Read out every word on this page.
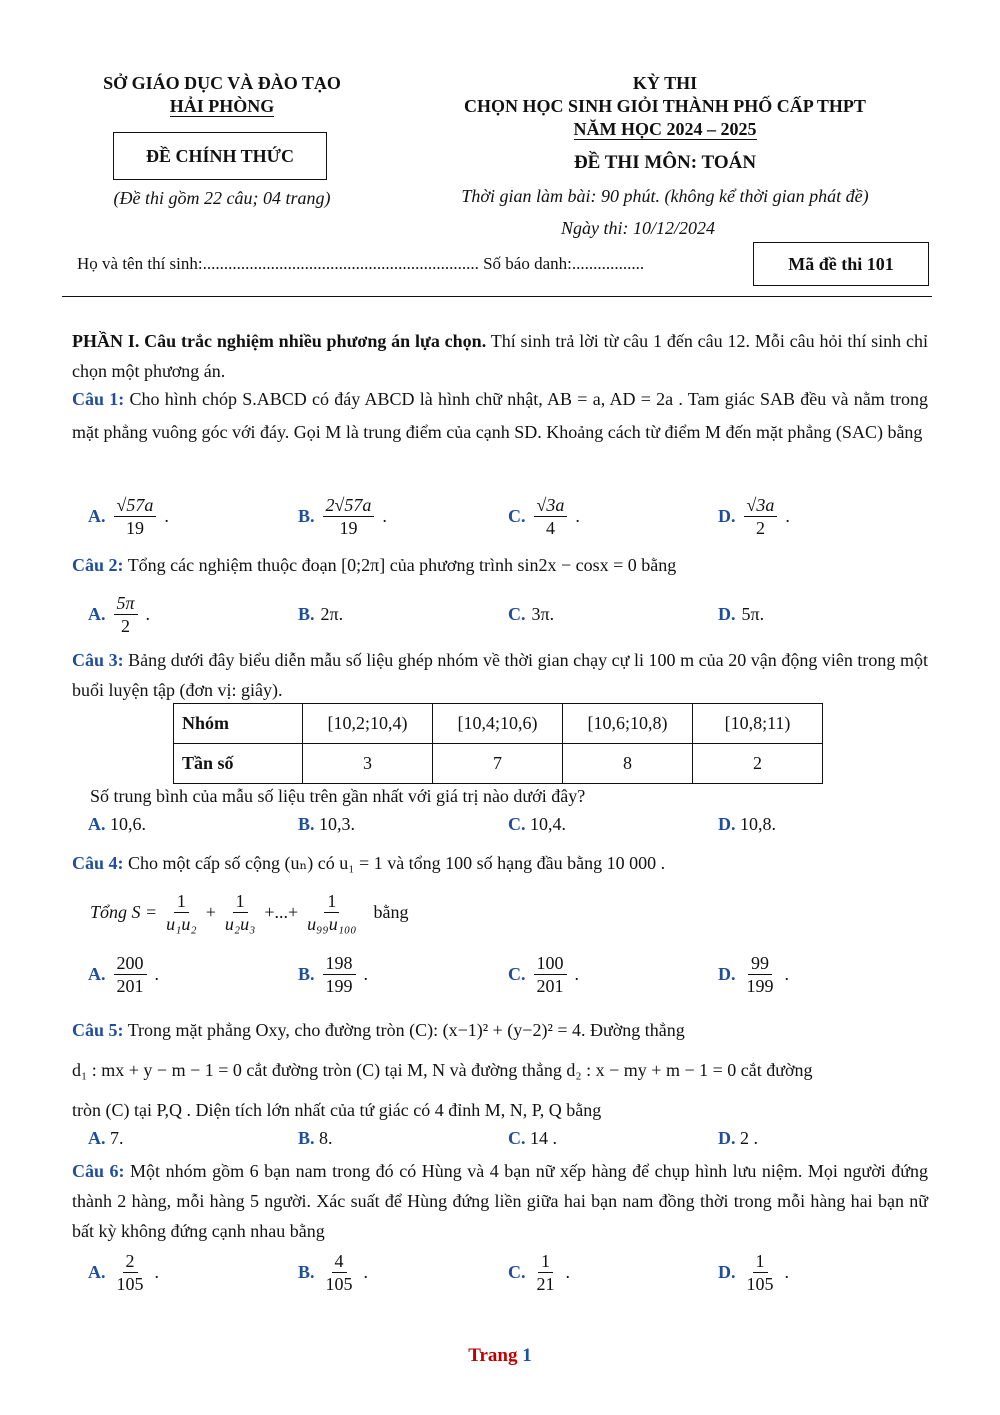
SỞ GIÁO DỤC VÀ ĐÀO TẠO
HẢI PHÒNG
ĐỀ CHÍNH THỨC
(Đề thi gồm 22 câu; 04 trang)
KỲ THI
CHỌN HỌC SINH GIỎI THÀNH PHỐ CẤP THPT
NĂM HỌC 2024 – 2025
ĐỀ THI MÔN: TOÁN
Thời gian làm bài: 90 phút. (không kể thời gian phát đề)
Ngày thi: 10/12/2024
Họ và tên thí sinh:................................................................. Số báo danh:.................	Mã đề thi 101
PHẦN I. Câu trắc nghiệm nhiều phương án lựa chọn. Thí sinh trả lời từ câu 1 đến câu 12. Mỗi câu hỏi thí sinh chỉ chọn một phương án.
Câu 1: Cho hình chóp S.ABCD có đáy ABCD là hình chữ nhật, AB = a, AD = 2a . Tam giác SAB đều và nằm trong mặt phẳng vuông góc với đáy. Gọi M là trung điểm của cạnh SD. Khoảng cách từ điểm M đến mặt phẳng (SAC) bằng
A. $\frac{√57a}{19}$ .	B. $\frac{2√57a}{19}$ .	C. $\frac{√3a}{4}$ .	D. $\frac{√3a}{2}$ .
Câu 2: Tổng các nghiệm thuộc đoạn [0;2π] của phương trình sin2x − cosx = 0 bằng
A. $\frac{5\pi}{2}$ .	B. 2π.	C. 3π.	D. 5π.
Câu 3: Bảng dưới đây biểu diễn mẫu số liệu ghép nhóm về thời gian chạy cự li 100 m của 20 vận động viên trong một buổi luyện tập (đơn vị: giây).
Nhóm	[10,2;10,4)	[10,4;10,6)	[10,6;10,8)	[10,8;11)
Tần số	3	7	8	2
Số trung bình của mẫu số liệu trên gần nhất với giá trị nào dưới đây?
A. 10,6.	B. 10,3.	C. 10,4.	D. 10,8.
Câu 4: Cho một cấp số cộng (uₙ) có u₁ = 1 và tổng 100 số hạng đầu bằng 10 000 .
Tổng $S = \frac{1}{\text{u₁u₂}} + \frac{1}{\text{u₂u₃}}$ +...+ $\frac{1}{\text{u₉₉u₁₀₀}}$ bằng
A. $\frac{200}{201}$ .	B. $\frac{198}{199}$ .	C. $\frac{100}{201}$ .	D. $\frac{99}{199}$ .
Câu 5: Trong mặt phẳng Oxy, cho đường tròn (C): (x−1)² + (y−2)² = 4. Đường thẳng
d₁ : mx + y − m − 1 = 0 cắt đường tròn (C) tại M, N và đường thẳng d₂ : x − my + m − 1 = 0 cắt đường
tròn (C) tại P,Q . Diện tích lớn nhất của tứ giác có 4 đỉnh M, N, P, Q bằng
A. 7.	B. 8.	C. 14 .	D. 2 .
Câu 6: Một nhóm gồm 6 bạn nam trong đó có Hùng và 4 bạn nữ xếp hàng để chụp hình lưu niệm. Mọi người đứng thành 2 hàng, mỗi hàng 5 người. Xác suất để Hùng đứng liền giữa hai bạn nam đồng thời trong mỗi hàng hai bạn nữ bất kỳ không đứng cạnh nhau bằng
A. $\frac{2}{105}$ .	B. $\frac{4}{105}$ .	C. $\frac{1}{21}$ .	D. $\frac{1}{105}$ .
Trang 1
